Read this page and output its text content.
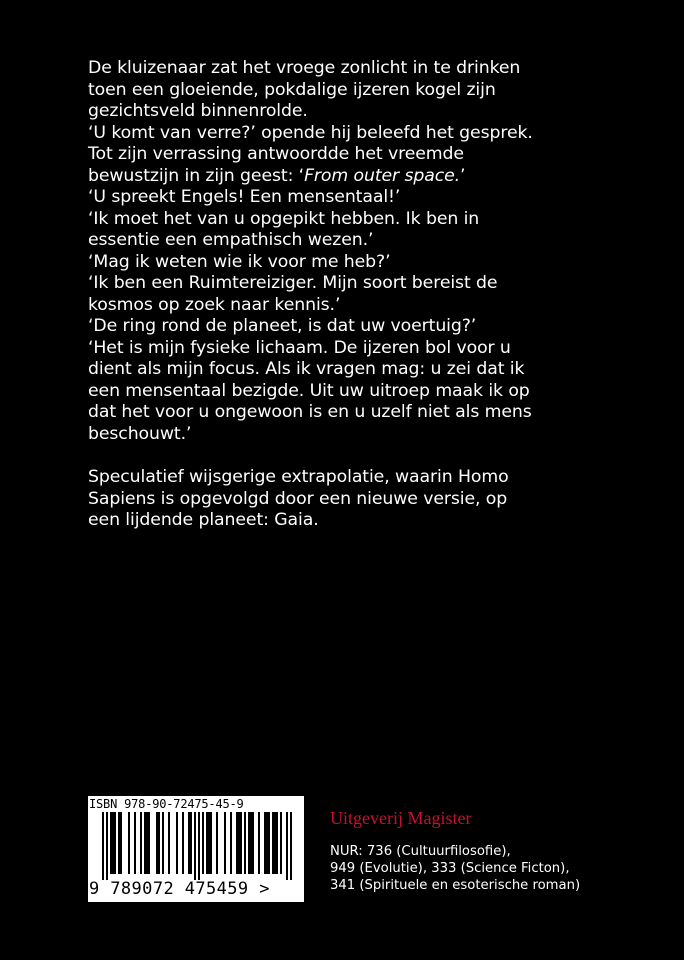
De kluizenaar zat het vroege zonlicht in te drinken
toen een gloeiende, pokdalige ijzeren kogel zijn
gezichtsveld binnenrolde.
‘U komt van verre?’ opende hij beleefd het gesprek.
Tot zijn verrassing antwoordde het vreemde
bewustzijn in zijn geest: ‘From outer space.’
‘U spreekt Engels! Een mensentaal!’
‘Ik moet het van u opgepikt hebben. Ik ben in
essentie een empathisch wezen.’
‘Mag ik weten wie ik voor me heb?’
‘Ik ben een Ruimtereiziger. Mijn soort bereist de
kosmos op zoek naar kennis.’
‘De ring rond de planeet, is dat uw voertuig?’
‘Het is mijn fysieke lichaam. De ijzeren bol voor u
dient als mijn focus. Als ik vragen mag: u zei dat ik
een mensentaal bezigde. Uit uw uitroep maak ik op
dat het voor u ongewoon is en u uzelf niet als mens
beschouwt.’

Speculatief wijsgerige extrapolatie, waarin Homo
Sapiens is opgevolgd door een nieuwe versie, op
een lijdende planeet: Gaia.

ISBN 978-90-72475-45-9
9 789072 475459 >
Uitgeverij Magister
NUR: 736 (Cultuurfilosofie),
949 (Evolutie), 333 (Science Ficton),
341 (Spirituele en esoterische roman)
